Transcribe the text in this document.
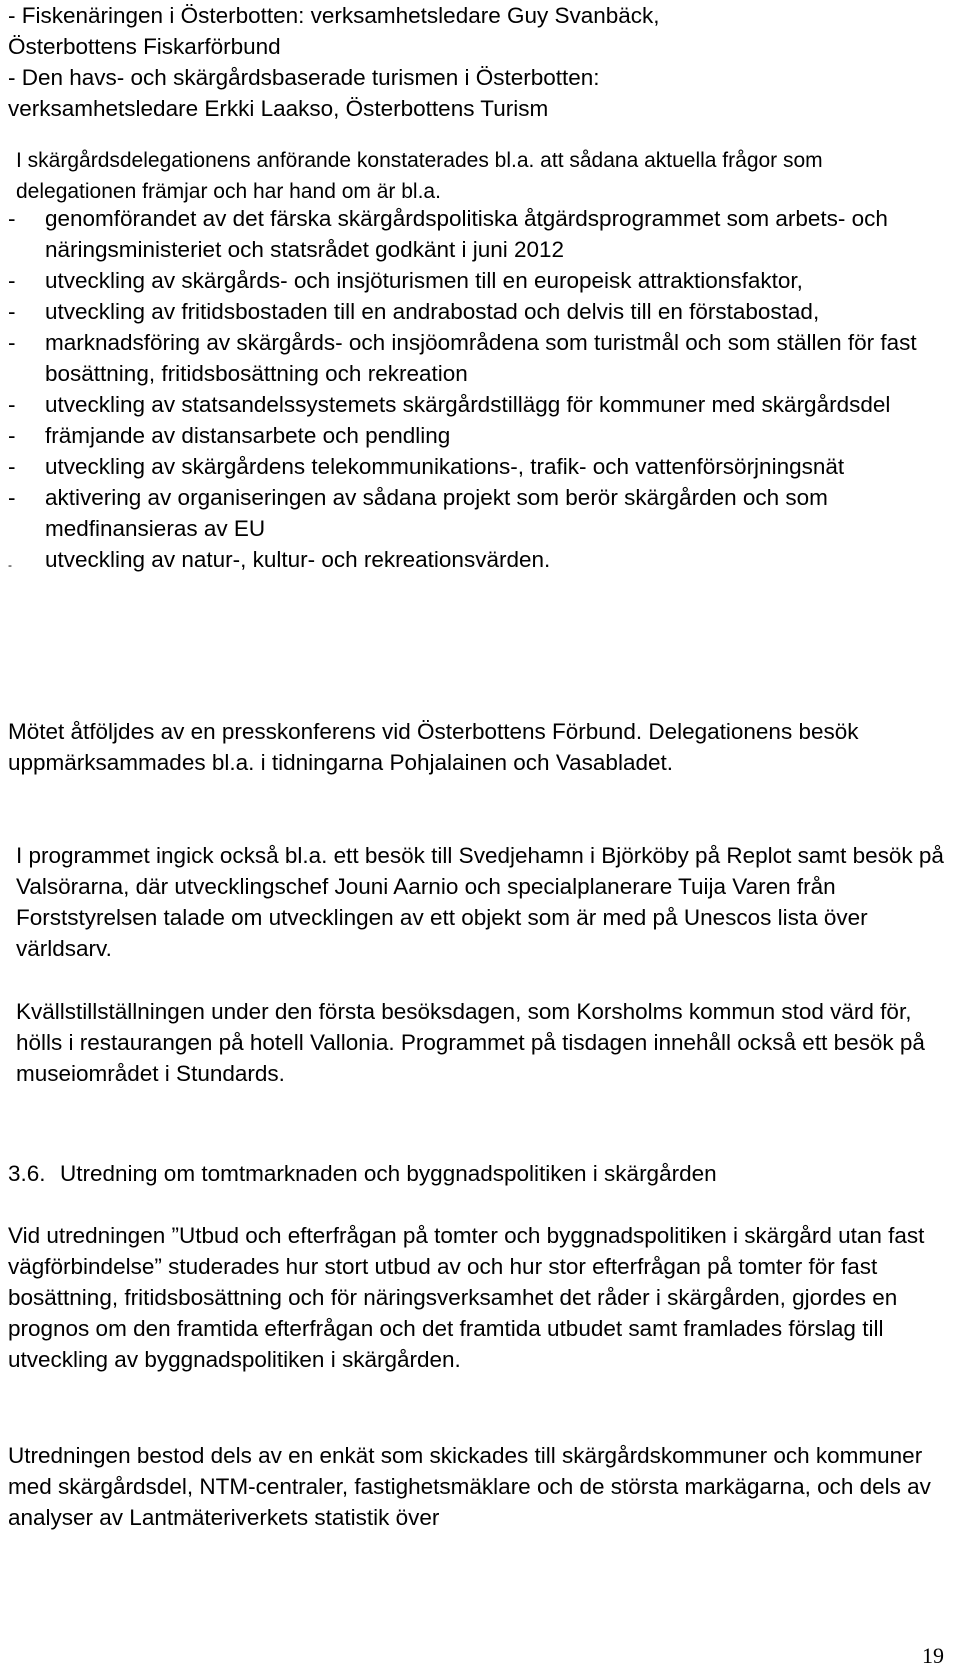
- Fiskenäringen i Österbotten: verksamhetsledare Guy Svanbäck,

Österbottens Fiskarförbund

- Den havs- och skärgårdsbaserade turismen i Österbotten:

verksamhetsledare Erkki Laakso, Österbottens Turism

I skärgårdsdelegationens anförande konstaterades bl.a. att sådana aktuella frågor som delegationen främjar och har hand om är bl.a.

- genomförandet av det färska skärgårdspolitiska åtgärdsprogrammet som arbets- och näringsministeriet och statsrådet godkänt i juni 2012
- utveckling av skärgårds- och insjöturismen till en europeisk attraktionsfaktor,
- utveckling av fritidsbostaden till en andrabostad och delvis till en förstabostad,
- marknadsföring av skärgårds- och insjöområdena som turistmål och som ställen för fast bosättning, fritidsbosättning och rekreation
- utveckling av statsandelssystemets skärgårdstillägg för kommuner med skärgårdsdel
- främjande av distansarbete och pendling
- utveckling av skärgårdens telekommunikations-, trafik- och vattenförsörjningsnät
- aktivering av organiseringen av sådana projekt som berör skärgården och som medfinansieras av EU
- utveckling av natur-, kultur- och rekreationsvärden.

Mötet åtföljdes av en presskonferens vid Österbottens Förbund. Delegationens besök uppmärksammades bl.a. i tidningarna Pohjalainen och Vasabladet.

I programmet ingick också bl.a. ett besök till Svedjehamn i Björköby på Replot samt besök på Valsörarna, där utvecklingschef Jouni Aarnio och specialplanerare Tuija Varen från Forststyrelsen talade om utvecklingen av ett objekt som är med på Unescos lista över världsarv.

Kvällstillställningen under den första besöksdagen, som Korsholms kommun stod värd för, hölls i restaurangen på hotell Vallonia. Programmet på tisdagen innehåll också ett besök på museiområdet i Stundards.

3.6. Utredning om tomtmarknaden och byggnadspolitiken i skärgården

Vid utredningen ”Utbud och efterfrågan på tomter och byggnadspolitiken i skärgård utan fast vägförbindelse” studerades hur stort utbud av och hur stor efterfrågan på tomter för fast bosättning, fritidsbosättning och för näringsverksamhet det råder i skärgården, gjordes en prognos om den framtida efterfrågan och det framtida utbudet samt framlades förslag till utveckling av byggnadspolitiken i skärgården.

Utredningen bestod dels av en enkät som skickades till skärgårdskommuner och kommuner med skärgårdsdel, NTM-centraler, fastighetsmäklare och de största markägarna, och dels av analyser av Lantmäteriverkets statistik över

19
